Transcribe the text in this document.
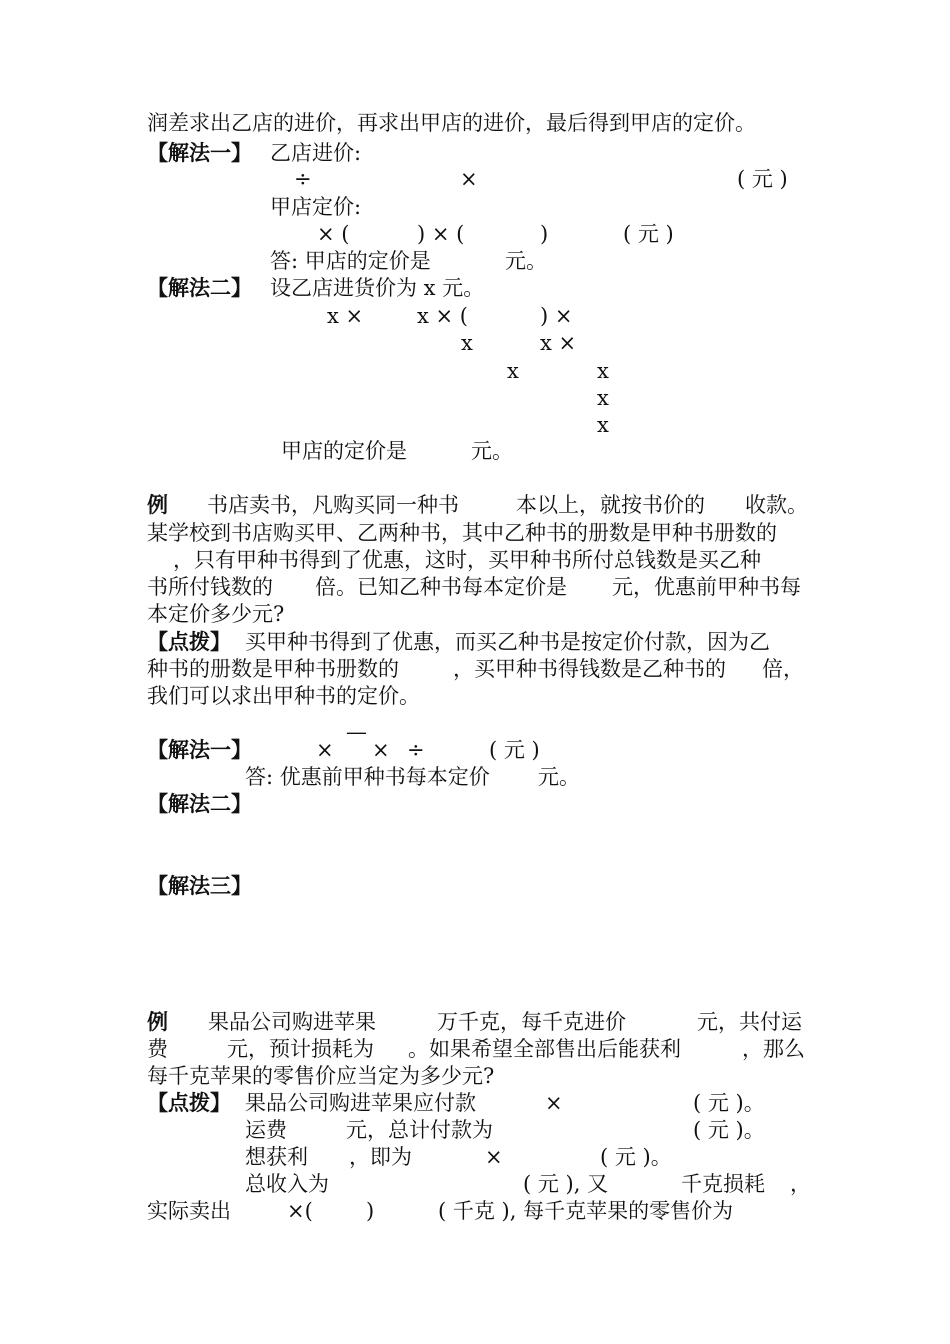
润差求出乙店的进价，再求出甲店的进价，最后得到甲店的定价。
【解法一】 乙店进价:
÷	×	( 元 )
甲店定价:
× (	) × (	)	( 元 )
答: 甲店的定价是	元。
【解法二】 设乙店进货价为 x 元。
x ×	x × (	) ×
x	x ×
x	x
x
x
甲店的定价是	元。
例 书店卖书，凡购买同一种书	本以上，就按书价的 收款。
某学校到书店购买甲、乙两种书，其中乙种书的册数是甲种书册数的
，只有甲种书得到了优惠，这时，买甲种书所付总钱数是买乙种
书所付钱数的 倍。已知乙种书每本定价是 元，优惠前甲种书每
本定价多少元?
【点拨】 买甲种书得到了优惠，而买乙种书是按定价付款，因为乙
种书的册数是甲种书册数的	，买甲种书得钱数是乙种书的 倍，
我们可以求出甲种书的定价。
—
【解法一】	× × ÷	( 元 )
答: 优惠前甲种书每本定价 元。
【解法二】
【解法三】
例 果品公司购进苹果	万千克，每千克进价	元，共付运
费	元，预计损耗为 。如果希望全部售出后能获利	，那么
每千克苹果的零售价应当定为多少元?
【点拨】 果品公司购进苹果应付款	×	( 元 )。
运费	元，总计付款为	( 元 )。
想获利 ，即为	×	( 元 )。
总收入为	( 元 ), 又	千克损耗 ，
实际卖出	×(	)	( 千克 ), 每千克苹果的零售价为
